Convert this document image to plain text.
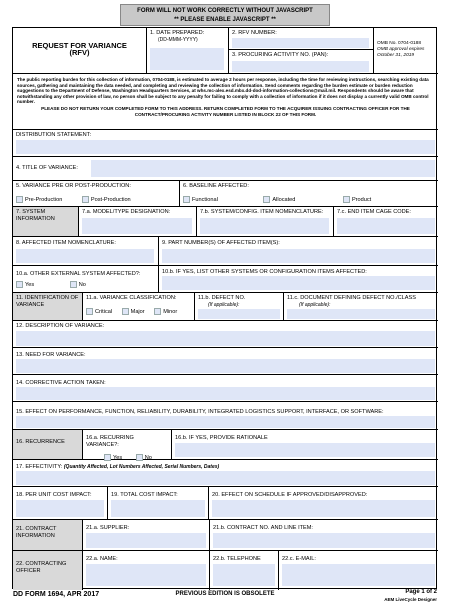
FORM WILL NOT WORK CORRECTLY WITHOUT JAVASCRIPT
** PLEASE ENABLE JAVASCRIPT **
REQUEST FOR VARIANCE
(RFV)
1. DATE PREPARED:
(DD-MMM-YYYY)
2. RFV NUMBER:
3. PROCURING ACTIVITY NO. (PAN):
OMB No. 0704-0188
OMB approval expires October 31, 2019
The public reporting burden for this collection of information, 0704-0188, is estimated to average 2 hours per response, including the time for reviewing instructions, searching existing data sources, gathering and maintaining the data needed, and completing and reviewing the collection of information. Send comments regarding the burden estimate or burden reduction suggestions to the Department of Defense, Washington Headquarters Services, at whs.mc-alex.esd.mbx.dd-dod-information-collections@mail.mil. Respondents should be aware that notwithstanding any other provision of law, no person shall be subject to any penalty for failing to comply with a collection of information if it does not display a currently valid OMB control number.
PLEASE DO NOT RETURN YOUR COMPLETED FORM TO THIS ADDRESS. RETURN COMPLETED FORM TO THE ACQUIRER ISSUING CONTRACTING OFFICER FOR THE CONTRACT/PROCURING ACTIVITY NUMBER LISTED IN BLOCK 22 OF THIS FORM.
DISTRIBUTION STATEMENT:
4. TITLE OF VARIANCE:
5. VARIANCE PRE OR POST-PRODUCTION:
Pre-Production	Post-Production
6. BASELINE AFFECTED:
Functional	Allocated	Product
7. SYSTEM INFORMATION
7.a. MODEL/TYPE DESIGNATION:	7.b. SYSTEM/CONFIG. ITEM NOMENCLATURE:	7.c. END ITEM CAGE CODE:
8. AFFECTED ITEM NOMENCLATURE:	9. PART NUMBER(S) OF AFFECTED ITEM(S):
10.a. OTHER EXTERNAL SYSTEM AFFECTED?:
Yes	No
10.b. IF YES, LIST OTHER SYSTEMS OR CONFIGURATION ITEMS AFFECTED:
11. IDENTIFICATION OF VARIANCE
11.a. VARIANCE CLASSIFICATION:
Critical	Major	Minor
11.b. DEFECT NO.
(If applicable):
11.c. DOCUMENT DEFINING DEFECT NO./CLASS
(If applicable):
12. DESCRIPTION OF VARIANCE:
13. NEED FOR VARIANCE:
14. CORRECTIVE ACTION TAKEN:
15. EFFECT ON PERFORMANCE, FUNCTION, RELIABILITY, DURABILITY, INTEGRATED LOGISTICS SUPPORT, INTERFACE, OR SOFTWARE:
16. RECURRENCE
16.a. RECURRING VARIANCE?:
Yes	No
16.b. IF YES, PROVIDE RATIONALE
17. EFFECTIVITY: (Quantity Affected, Lot Numbers Affected, Serial Numbers, Dates)
18. PER UNIT COST IMPACT:	19. TOTAL COST IMPACT:	20. EFFECT ON SCHEDULE IF APPROVED/DISAPPROVED:
21. CONTRACT INFORMATION
21.a. SUPPLIER:	21.b. CONTRACT NO. AND LINE ITEM:
22. CONTRACTING OFFICER
22.a. NAME:	22.b. TELEPHONE	22.c. E-MAIL:
DD FORM 1694, APR 2017	PREVIOUS EDITION IS OBSOLETE	Page 1 of 2
AEM LiveCycle Designer
